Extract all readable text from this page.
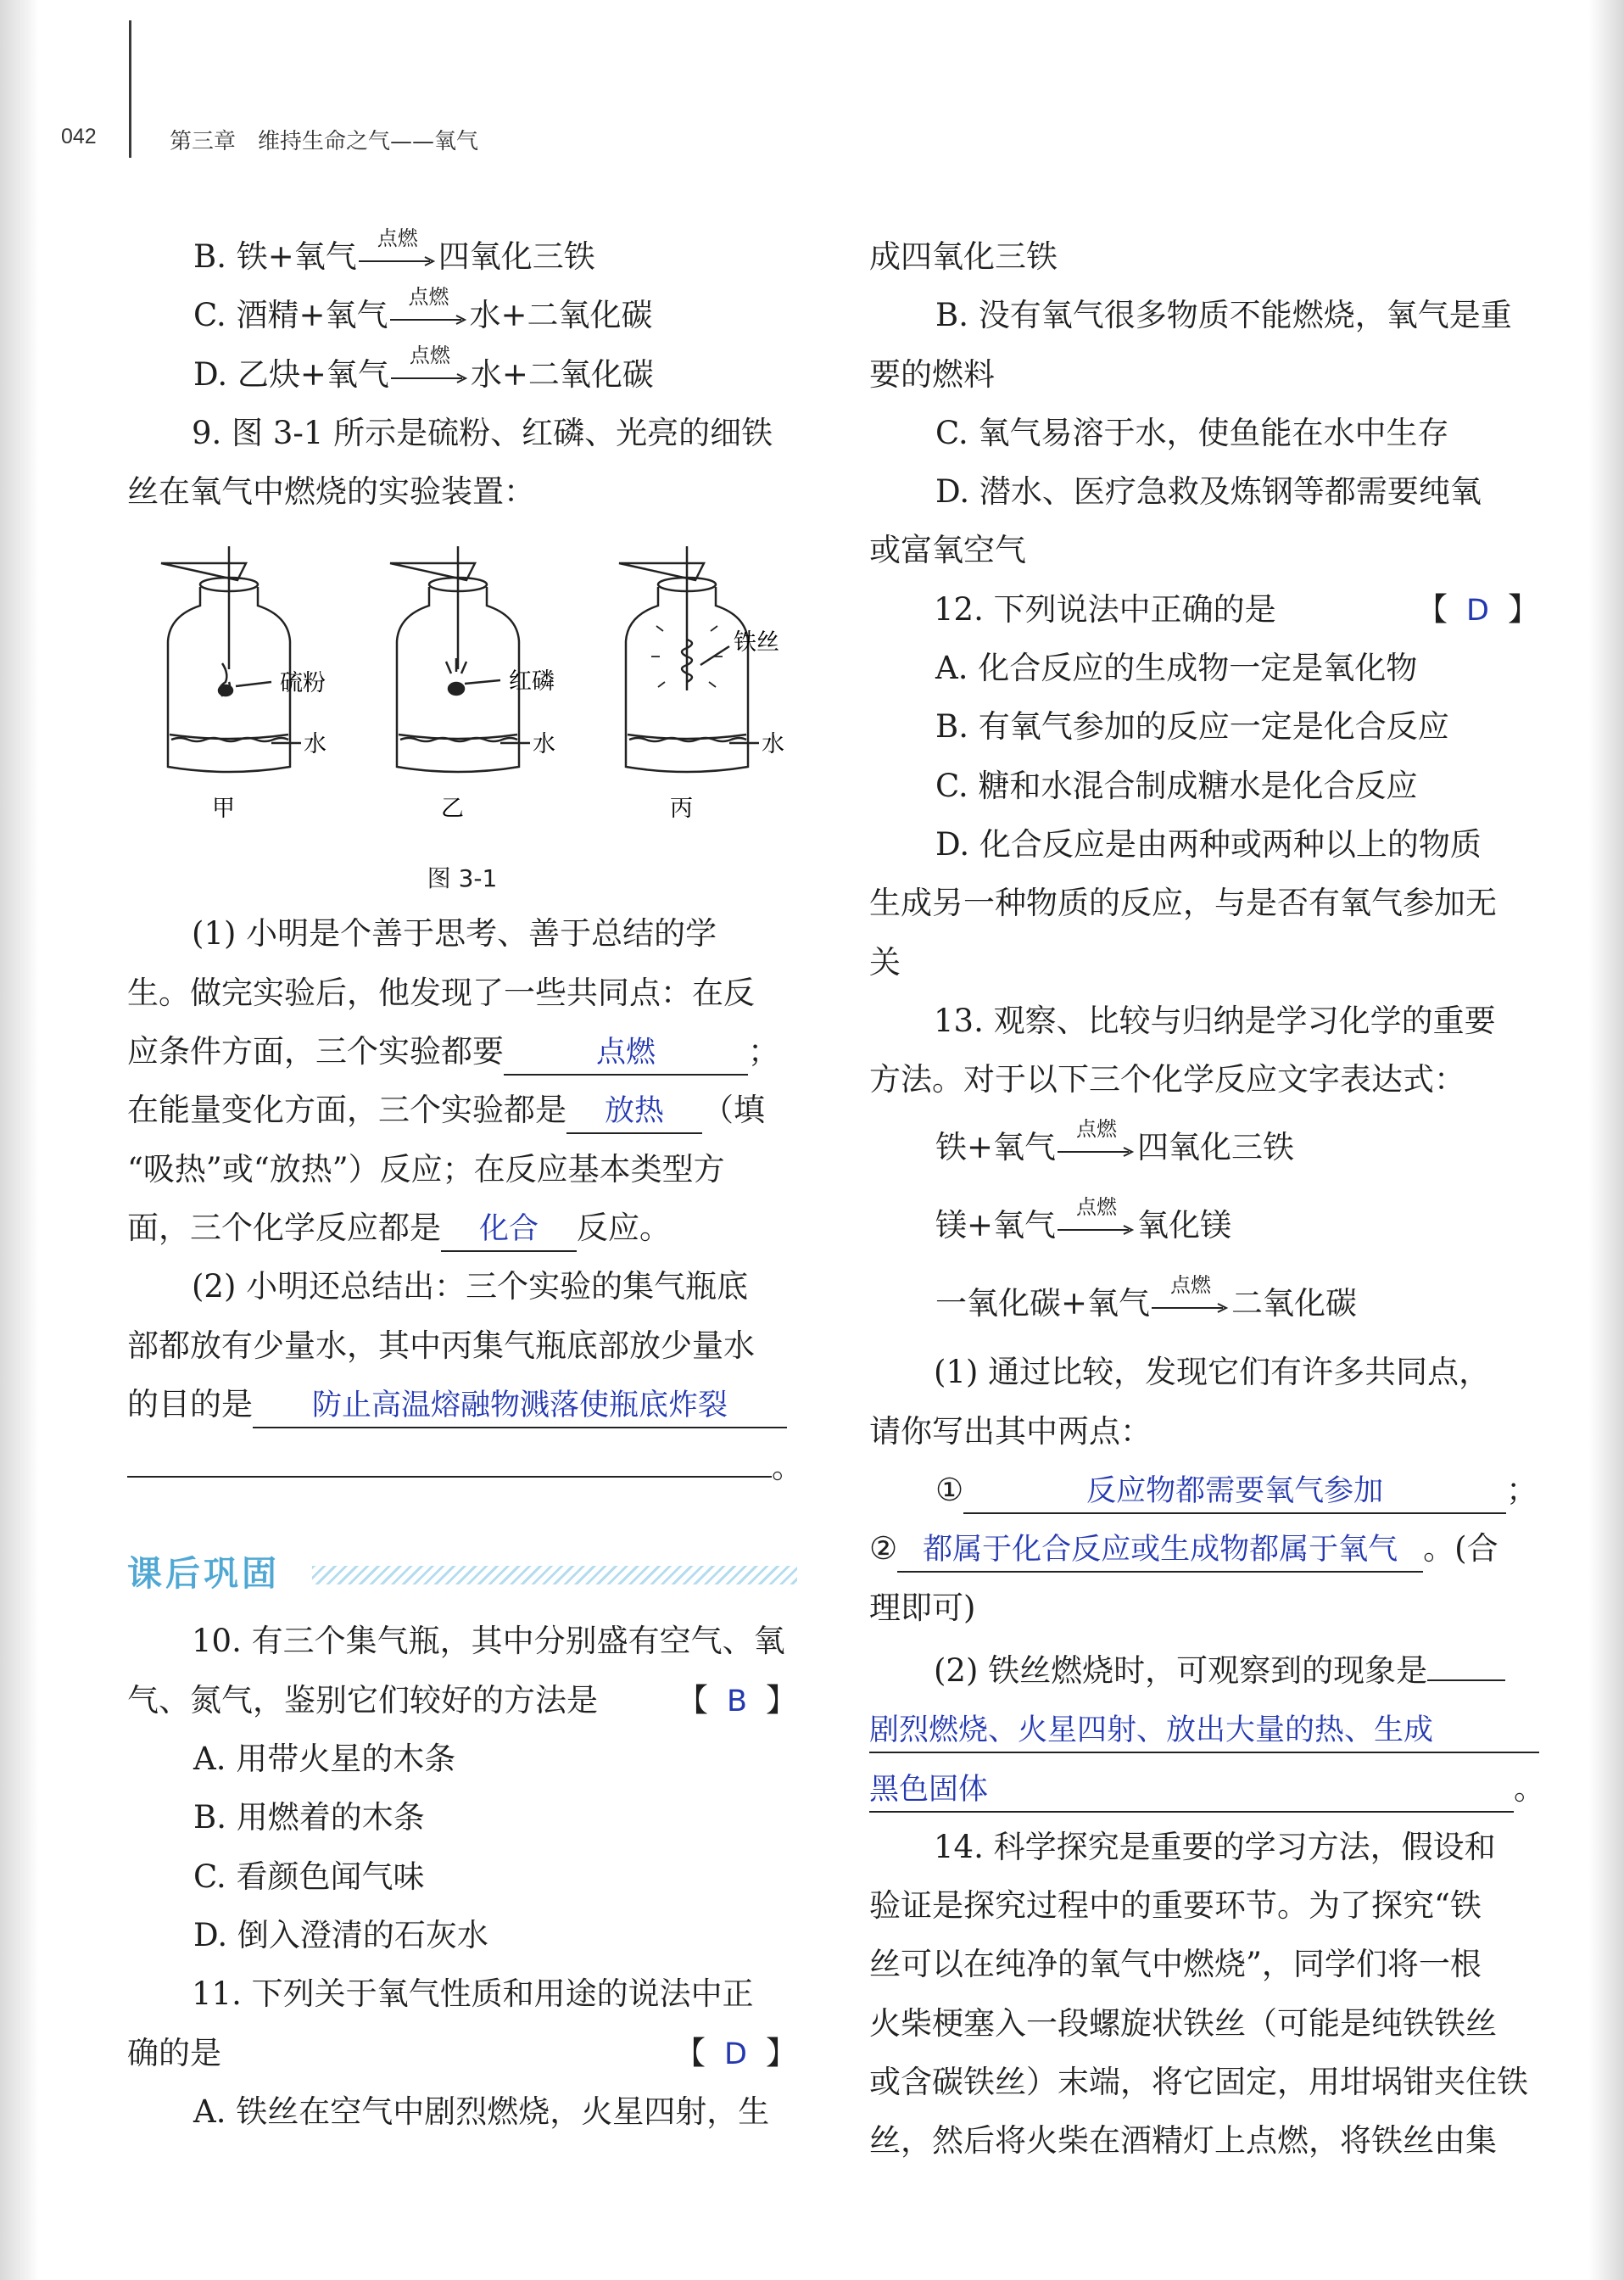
042	第三章　维持生命之气——氧气
B. 铁+氧气
点燃
四氧化三铁
C. 酒精+氧气
点燃
水+二氧化碳
D. 乙炔+氧气
点燃
水+二氧化碳
9. 图 3-1 所示是硫粉、红磷、光亮的细铁
丝在氧气中燃烧的实验装置：
硫粉
水
甲
红磷
水
乙
铁丝
水
丙
图 3-1
(1) 小明是个善于思考、善于总结的学
生。做完实验后，他发现了一些共同点：在反
应条件方面，三个实验都要	点燃	；
在能量变化方面，三个实验都是 放热 （填
“吸热”或“放热”）反应；在反应基本类型方
面，三个化学反应都是 化合 反应。
(2) 小明还总结出：三个实验的集气瓶底
部都放有少量水，其中丙集气瓶底部放少量水
的目的是 防止高温熔融物溅落使瓶底炸裂
。
课后巩固
10. 有三个集气瓶，其中分别盛有空气、氧
气、氮气，鉴别它们较好的方法是	【 B 】
A. 用带火星的木条
B. 用燃着的木条
C. 看颜色闻气味
D. 倒入澄清的石灰水
11. 下列关于氧气性质和用途的说法中正
确的是	【 D 】
A. 铁丝在空气中剧烈燃烧，火星四射，生
成四氧化三铁
B. 没有氧气很多物质不能燃烧，氧气是重
要的燃料
C. 氧气易溶于水，使鱼能在水中生存
D. 潜水、医疗急救及炼钢等都需要纯氧
或富氧空气
12. 下列说法中正确的是	【 D 】
A. 化合反应的生成物一定是氧化物
B. 有氧气参加的反应一定是化合反应
C. 糖和水混合制成糖水是化合反应
D. 化合反应是由两种或两种以上的物质
生成另一种物质的反应，与是否有氧气参加无
关
13. 观察、比较与归纳是学习化学的重要
方法。对于以下三个化学反应文字表达式：
铁+氧气
点燃
四氧化三铁
镁+氧气
点燃
氧化镁
一氧化碳+氧气
点燃
二氧化碳
(1) 通过比较，发现它们有许多共同点，
请你写出其中两点：
①	反应物都需要氧气参加	；
② 都属于化合反应或生成物都属于氧气 。(合
理即可)
(2) 铁丝燃烧时，可观察到的现象是
剧烈燃烧、火星四射、放出大量的热、生成
黑色固体	。
14. 科学探究是重要的学习方法，假设和
验证是探究过程中的重要环节。为了探究“铁
丝可以在纯净的氧气中燃烧”，同学们将一根
火柴梗塞入一段螺旋状铁丝（可能是纯铁铁丝
或含碳铁丝）末端，将它固定，用坩埚钳夹住铁
丝，然后将火柴在酒精灯上点燃，将铁丝由集
